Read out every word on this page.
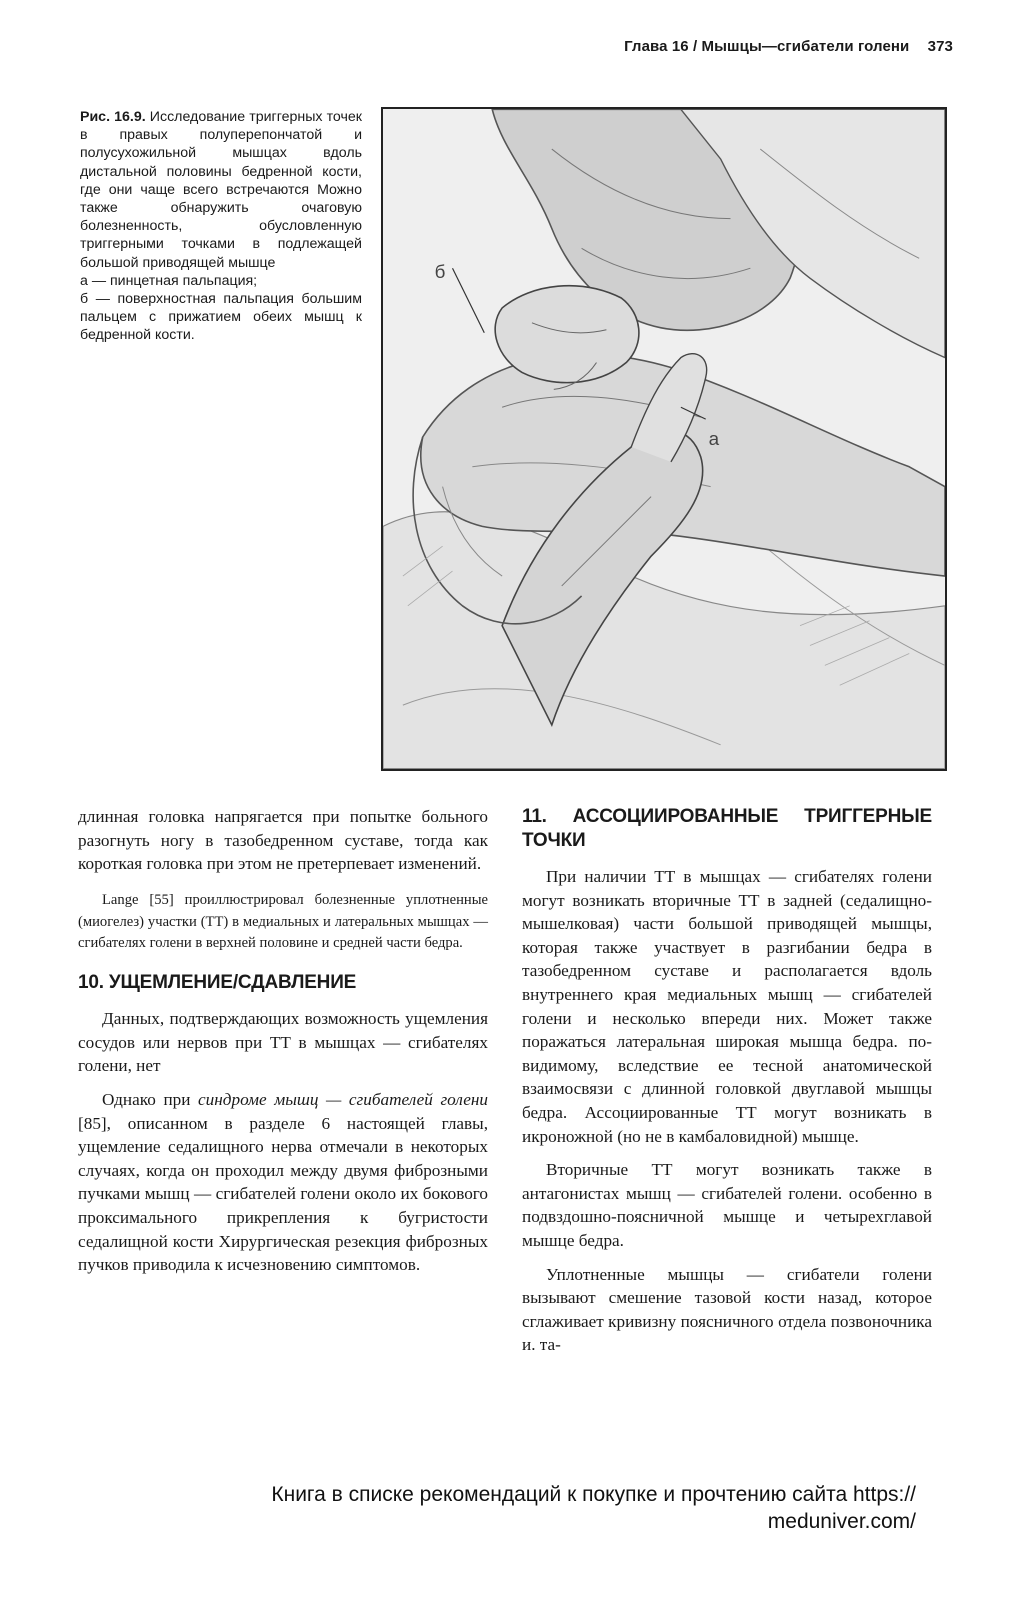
Глава 16 / Мышцы—сгибатели голени 373
Рис. 16.9. Исследование триггерных точек в правых полуперепончатой и полусухожильной мышцах вдоль дистальной половины бедренной кости, где они чаще всего встречаются Можно также обнаружить очаговую болезненность, обусловленную триггерными точками в подлежащей большой приводящей мышце
а — пинцетная пальпация;
б — поверхностная пальпация большим пальцем с прижатием обеих мышц к бедренной кости.
б
а

длинная головка напрягается при попытке больного разогнуть ногу в тазобедренном суставе, тогда как короткая головка при этом не претерпевает изменений.

Lange [55] проиллюстрировал болезненные уплотненные (миогелез) участки (ТТ) в медиальных и латеральных мышцах — сгибателях голени в верхней половине и средней части бедра.

10. УЩЕМЛЕНИЕ/СДАВЛЕНИЕ

Данных, подтверждающих возможность ущемления сосудов или нервов при ТТ в мышцах — сгибателях голени, нет

Однако при синдроме мышц — сгибателей голени [85], описанном в разделе 6 настоящей главы, ущемление седалищного нерва отмечали в некоторых случаях, когда он проходил между двумя фиброзными пучками мышц — сгибателей голени около их бокового проксимального прикрепления к бугристости седалищной кости Хирургическая резекция фиброзных пучков приводила к исчезновению симптомов.

11. АССОЦИИРОВАННЫЕ ТРИГГЕРНЫЕ ТОЧКИ

При наличии ТТ в мышцах — сгибателях голени могут возникать вторичные ТТ в задней (седалищно-мышелковая) части большой приводящей мышцы, которая также участвует в разгибании бедра в тазобедренном суставе и располагается вдоль внутреннего края медиальных мышц — сгибателей голени и несколько впереди них. Может также поражаться латеральная широкая мышца бедра. по-видимому, вследствие ее тесной анатомической взаимосвязи с длинной головкой двуглавой мышцы бедра. Ассоциированные ТТ могут возникать в икроножной (но не в камбаловидной) мышце.

Вторичные ТТ могут возникать также в антагонистах мышц — сгибателей голени. особенно в подвздошно-поясничной мышце и четырехглавой мышце бедра.

Уплотненные мышцы — сгибатели голени вызывают смешение тазовой кости назад, которое сглаживает кривизну поясничного отдела позвоночника и. та-

Книга в списке рекомендаций к покупке и прочтению сайта https:// meduniver.com/
